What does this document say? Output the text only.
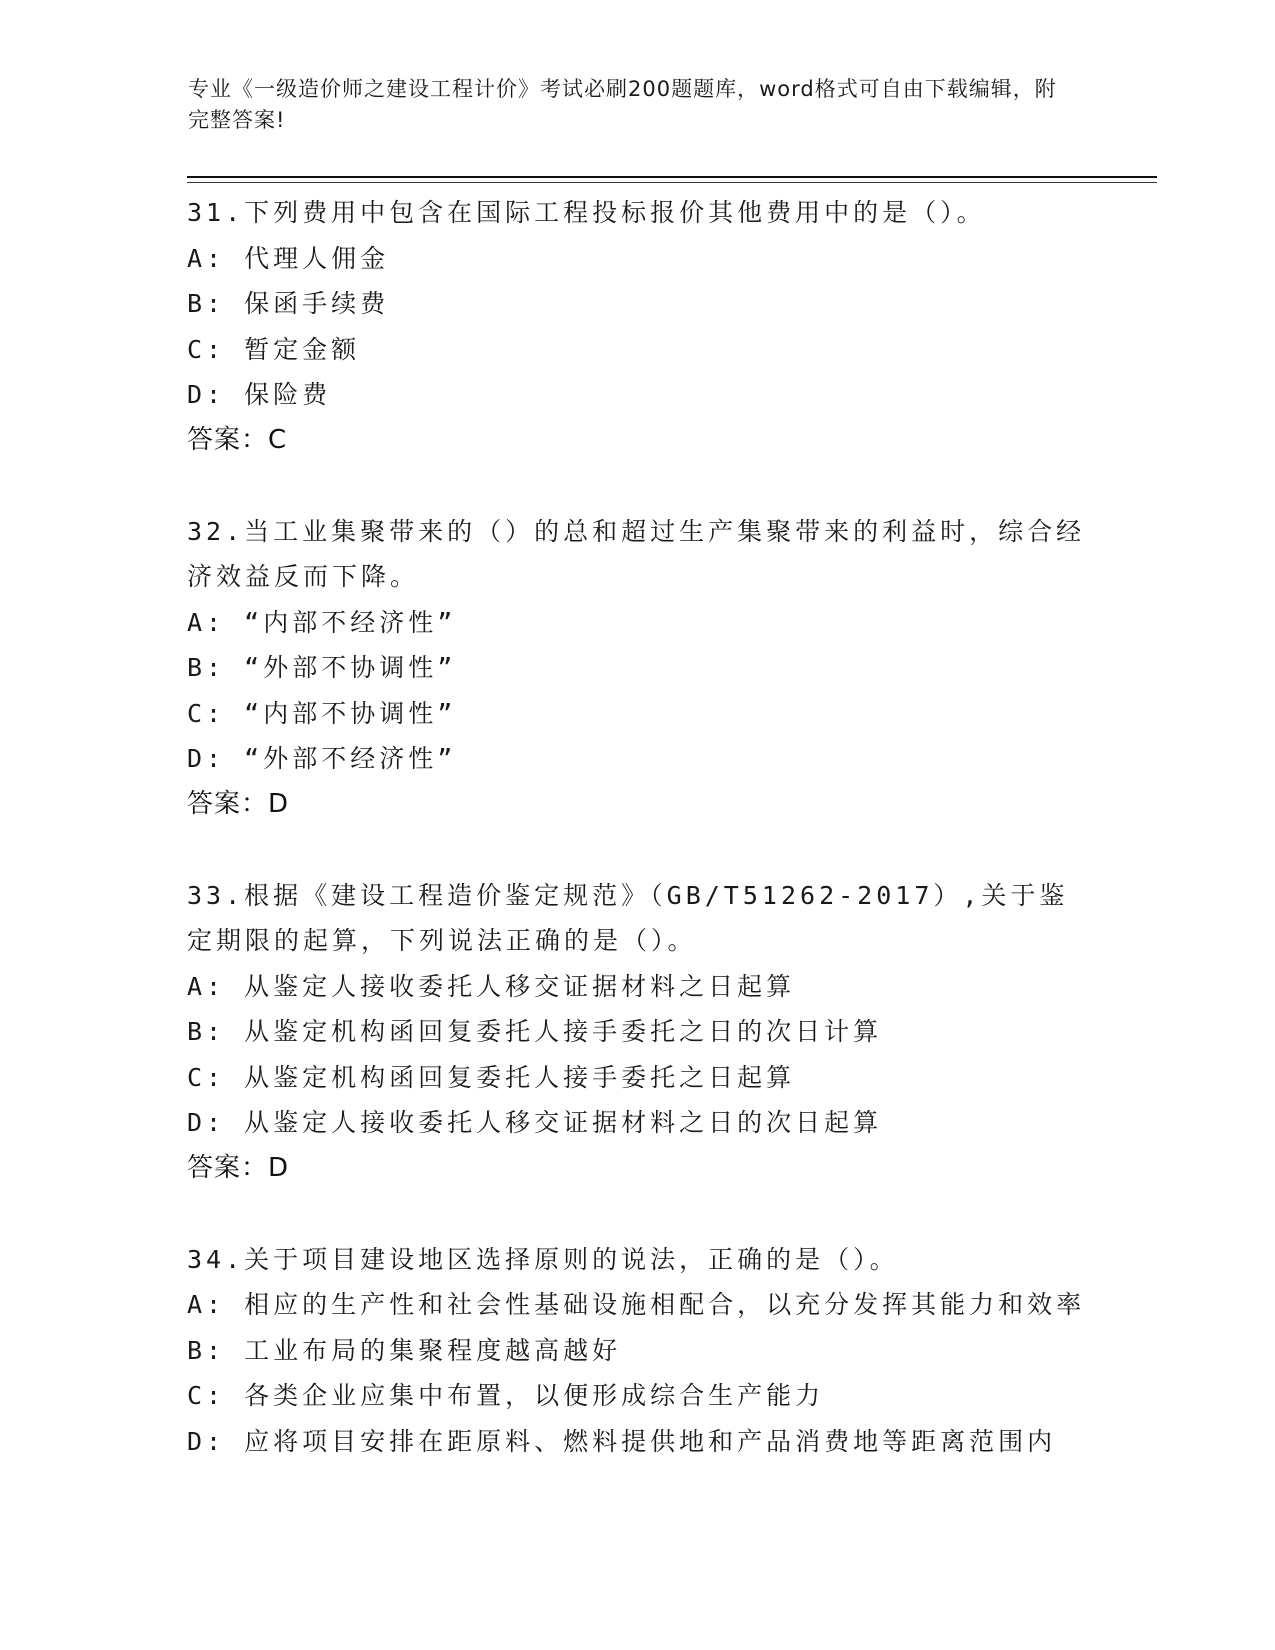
专业《一级造价师之建设工程计价》考试必刷200题题库，word格式可自由下载编辑，附完整答案!

31.下列费用中包含在国际工程投标报价其他费用中的是（）。

A: 代理人佣金

B: 保函手续费

C: 暂定金额

D: 保险费

答案：C

32.当工业集聚带来的（）的总和超过生产集聚带来的利益时，综合经济效益反而下降。

A: “内部不经济性”

B: “外部不协调性”

C: “内部不协调性”

D: “外部不经济性”

答案：D

33.根据《建设工程造价鉴定规范》（GB/T51262-2017）,关于鉴定期限的起算，下列说法正确的是（）。

A: 从鉴定人接收委托人移交证据材料之日起算

B: 从鉴定机构函回复委托人接手委托之日的次日计算

C: 从鉴定机构函回复委托人接手委托之日起算

D: 从鉴定人接收委托人移交证据材料之日的次日起算

答案：D

34.关于项目建设地区选择原则的说法，正确的是（）。

A: 相应的生产性和社会性基础设施相配合，以充分发挥其能力和效率

B: 工业布局的集聚程度越高越好

C: 各类企业应集中布置，以便形成综合生产能力

D: 应将项目安排在距原料、燃料提供地和产品消费地等距离范围内
